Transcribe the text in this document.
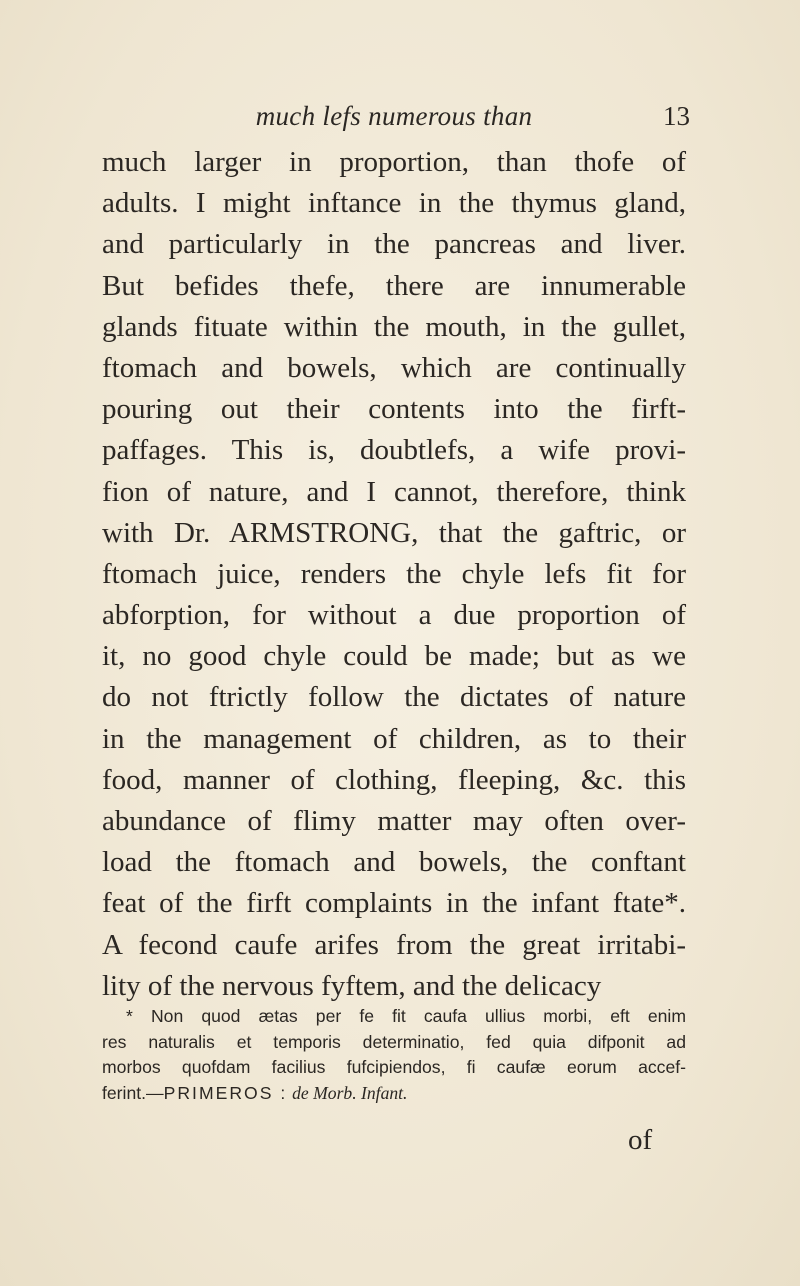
much lefs numerous than	13
much larger in proportion, than thofe of
adults. I might inftance in the thymus gland,
and particularly in the pancreas and liver.
But befides thefe, there are innumerable
glands fituate within the mouth, in the gullet,
ftomach and bowels, which are continually
pouring out their contents into the firft-
paffages. This is, doubtlefs, a wife provi-
fion of nature, and I cannot, therefore, think
with Dr. ARMSTRONG, that the gaftric, or
ftomach juice, renders the chyle lefs fit for
abforption, for without a due proportion of
it, no good chyle could be made; but as we
do not ftrictly follow the dictates of nature
in the management of children, as to their
food, manner of clothing, fleeping, &c. this
abundance of flimy matter may often over-
load the ftomach and bowels, the conftant
feat of the firft complaints in the infant ftate*.
A fecond caufe arifes from the great irritabi-
lity of the nervous fyftem, and the delicacy
* Non quod ætas per fe fit caufa ullius morbi, eft enim
res naturalis et temporis determinatio, fed quia difponit ad
morbos quofdam facilius fufcipiendos, fi caufæ eorum accef-
ferint.—PRIMEROS : de Morb. Infant.
of
